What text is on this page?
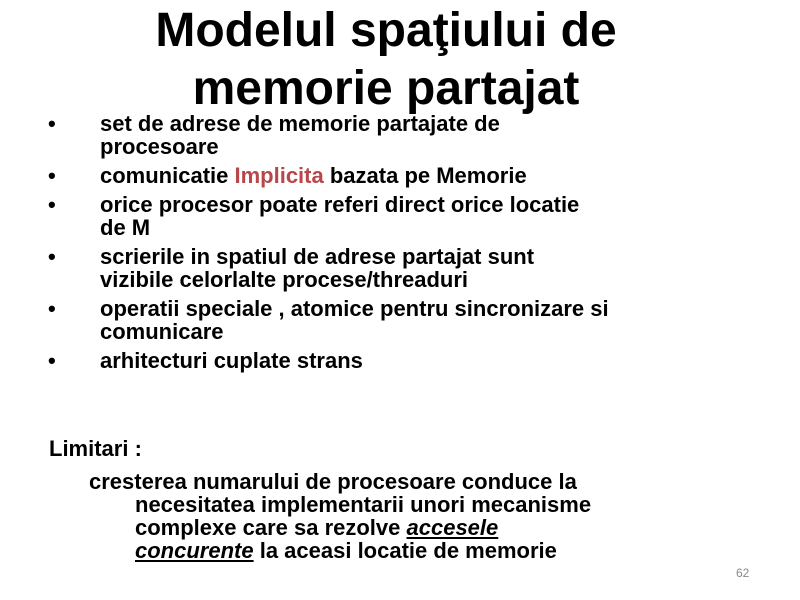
Modelul spaţiului de
memorie partajat
• set de adrese de memorie partajate de
procesoare
• comunicatie Implicita bazata pe Memorie
• orice procesor poate referi direct orice locatie
de M
• scrierile in spatiul de adrese partajat sunt
vizibile celorlalte procese/threaduri
• operatii speciale , atomice pentru sincronizare si
comunicare
• arhitecturi cuplate strans

Limitari :

cresterea numarului de procesoare conduce la
necesitatea implementarii unori mecanisme
complexe care sa rezolve accesele
concurente la aceasi locatie de memorie

62
